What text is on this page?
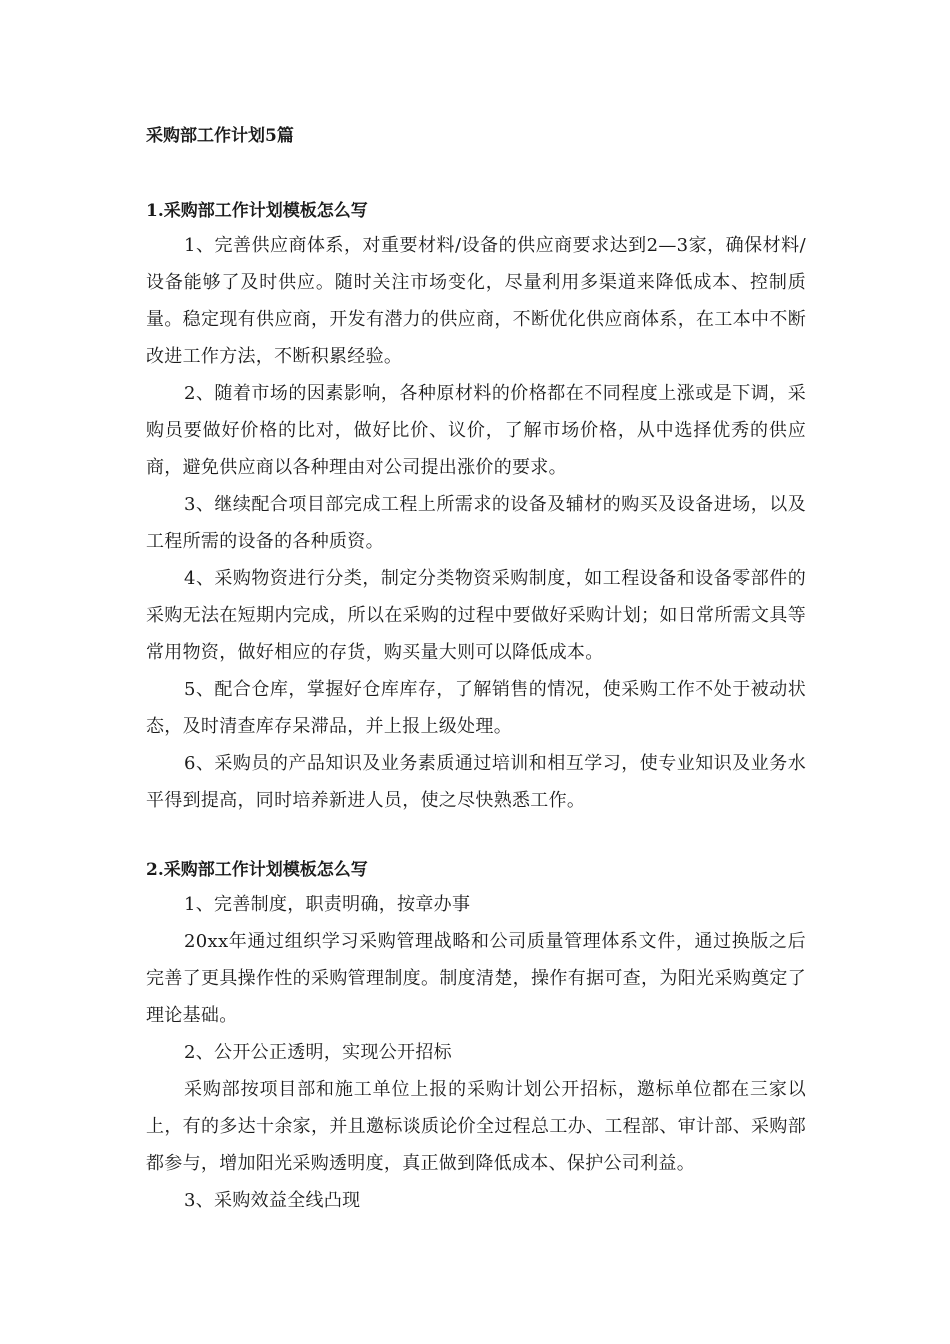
采购部工作计划5篇
1.采购部工作计划模板怎么写

1、完善供应商体系，对重要材料/设备的供应商要求达到2—3家，确保材料/设备能够了及时供应。随时关注市场变化，尽量利用多渠道来降低成本、控制质量。稳定现有供应商，开发有潜力的供应商，不断优化供应商体系，在工本中不断改进工作方法，不断积累经验。

2、随着市场的因素影响，各种原材料的价格都在不同程度上涨或是下调，采购员要做好价格的比对，做好比价、议价，了解市场价格，从中选择优秀的供应商，避免供应商以各种理由对公司提出涨价的要求。

3、继续配合项目部完成工程上所需求的设备及辅材的购买及设备进场，以及工程所需的设备的各种质资。

4、采购物资进行分类，制定分类物资采购制度，如工程设备和设备零部件的采购无法在短期内完成，所以在采购的过程中要做好采购计划；如日常所需文具等常用物资，做好相应的存货，购买量大则可以降低成本。

5、配合仓库，掌握好仓库库存，了解销售的情况，使采购工作不处于被动状态，及时清查库存呆滞品，并上报上级处理。

6、采购员的产品知识及业务素质通过培训和相互学习，使专业知识及业务水平得到提高，同时培养新进人员，使之尽快熟悉工作。

2.采购部工作计划模板怎么写

1、完善制度，职责明确，按章办事

20xx年通过组织学习采购管理战略和公司质量管理体系文件，通过换版之后完善了更具操作性的采购管理制度。制度清楚，操作有据可查，为阳光采购奠定了理论基础。

2、公开公正透明，实现公开招标

采购部按项目部和施工单位上报的采购计划公开招标，邀标单位都在三家以上，有的多达十余家，并且邀标谈质论价全过程总工办、工程部、审计部、采购部都参与，增加阳光采购透明度，真正做到降低成本、保护公司利益。

3、采购效益全线凸现
